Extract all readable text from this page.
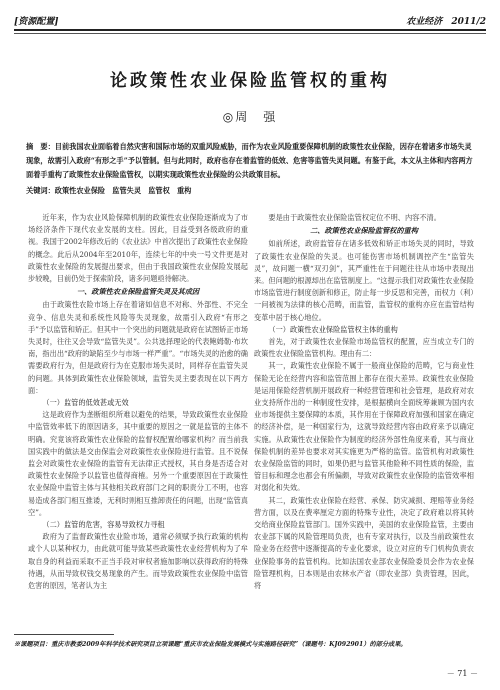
[资源配置]	农业经济 2011/2
论政策性农业保险监管权的重构
◎周　强
摘　要：目前我国农业面临着自然灾害和国际市场的双重风险威胁，而作为农业风险重要保障机制的政策性农业保险，因存在着诸多市场失灵现象，故需引入政府“有形之手”予以管制。但与此同时，政府也存在着监管的低效、危害等监管失灵问题。有鉴于此，本文从主体和内容两方面着手重构了政策性农业保险监管权，以期实现政策性农业保险的公共政策目标。
关键词：政策性农业保险　监管失灵　监管权　重构

近年来，作为农业风险保障机制的政策性农业保险逐渐成为了市场经济条件下现代农业发展的支柱。因此，目益受到各级政府的重视。我国于2002年修改后的《农业法》中首次提出了政策性农业保险的概念。此后从2004年至2010年，连续七年的中央一号文件更是对政策性农业保险的发展提出要求，但由于我国政策性农业保险发展起步较晚，目前仍处于探索阶段，诸多问题亟待解决。

一、政策性农业保险监管失灵及其成因

由于政策性农险市场上存在着诸如信息不对称、外部性、不完全竞争、信息失灵和系统性风险等失灵现象，故需引入政府“有形之手”予以监管和矫正。但其中一个突出的问题就是政府在试图矫正市场失灵时，往往又会导致“监管失灵”。公共选择理论的代表鲍姆勒·布坎南，指出出“政府的缺陷至少与市场一样严重”。“市场失灵的治愈的确需要政府行为，但是政府行为在克服市场失灵时，同样存在监管失灵的问题。具体到政策性农业保险领域，监管失灵主要表现在以下两方面：

（一）监管的低效甚或无效

这是政府作为垄断组织所难以避免的结果，导致政策性农业保险中监管效率低下的原因诸多，其中重要的原因之一就是监管的主体不明确。究竟该将政策性农业保险的监督权配置给哪家机构？而当前我国实践中的做法是交由保监会对政策性农业保险进行监管。且不说保监会对政策性农业保险的监管有无法律正式授权，其自身是否适合对政策性农业保险予以监管也值得商榷。另外一个重要原因在于政策性农业保险中监管主体与其他相关政府部门之间的职责分工不明，也容易造成各部门相互推诿，无利时则相互推卸责任的问题，出现“监管真空”。

（二）监管的危害，容易导致权力寻租

政府为了监督政策性农业险市场，通常必须赋予执行政策的机构或个人以某种权力，由此就可能导致某些政策性农业经营机构为了牟取自身的利益而采取不正当手段对审权者施加影响以获得政府的特殊待遇，从而导致权钱交易现象的产生。而导致政策性农业保险中监管危害的原因，笔者认为主

要是由于政策性农业保险监管权定位不明、内容不清。

二、政策性农业保险监管权的重构

如前所述，政府监管存在诸多低效和矫正市场失灵的同时，导致了政策性农业保险的失灵。也可能伤害市场机制调控产生“监管失灵”，故问题一横“双刃剑”，其严重性在于问题往往从市场中表现出来。但问题的根源却出在监管制度上。“这提示我们对政策性农业保险市场监管进行制度创新和修正，防止每一步反思和完善，而权力（利）一问被视为法律的核心范畴，而监管，监管权的重构亦应在监管结构变革中居于核心地位。

（一）政策性农业保险监管权主体的重构

首先，对于政策性农业保险市场监管权的配置，应当成立专门的政策性农业保险监管机构。理由有二：

其一，政策性农业保险不属于一般商业保险的范畴，它与商业性保险无论在经营内容和监管范围上都存在很大差异。政策性农业保险是运用保险经营机制开展政府一种经营管理和社会管理，是政府对农业支持所作出的一种制度性安排，是根据横向全面统筹兼顾为国内农业市场提供主要保障的本质，其作用在于保障政府加强和国家在确定的经济补偿，是一种国家行为，这就导致经营内容由政府来予以确定实施。从政策性农业保险作为制度的经济外部性角度来看，其与商业保险机制的差异也要求对其实施更为严格的监管。监管机构对政策性农业保险监管的同时，如果仍把与监管其他险种不同性质的保险，监管目标和理念也都会有所偏颇，导致对政策性农业保险的监管效率相对弱化和失效。

其二，政策性农业保险在经营、承保、防灾减损、理赔等业务经营方面，以及在费率厘定方面的特殊专业性，决定了政府难以将其转交给商业保险监管部门。国外实践中，美国的农业保险监管，主要由农业部下属的风险管理局负责，也有专家对执行，以及当前政策性农险业务在经营中逐渐提高的专业化要求，设立对应的专门机构负责农业保险事务的监管机构。比如法国农业部农业保险委员会作为农业保险管理机构，日本则是由农林水产省（即农业部）负责管理，因此，将

※课题项目：重庆市教委2009年科学技术研究项目立项课题“重庆市农业保险发展模式与实施路径研究”（课题号：KJ092901）的部分成果。
－ 71 －
